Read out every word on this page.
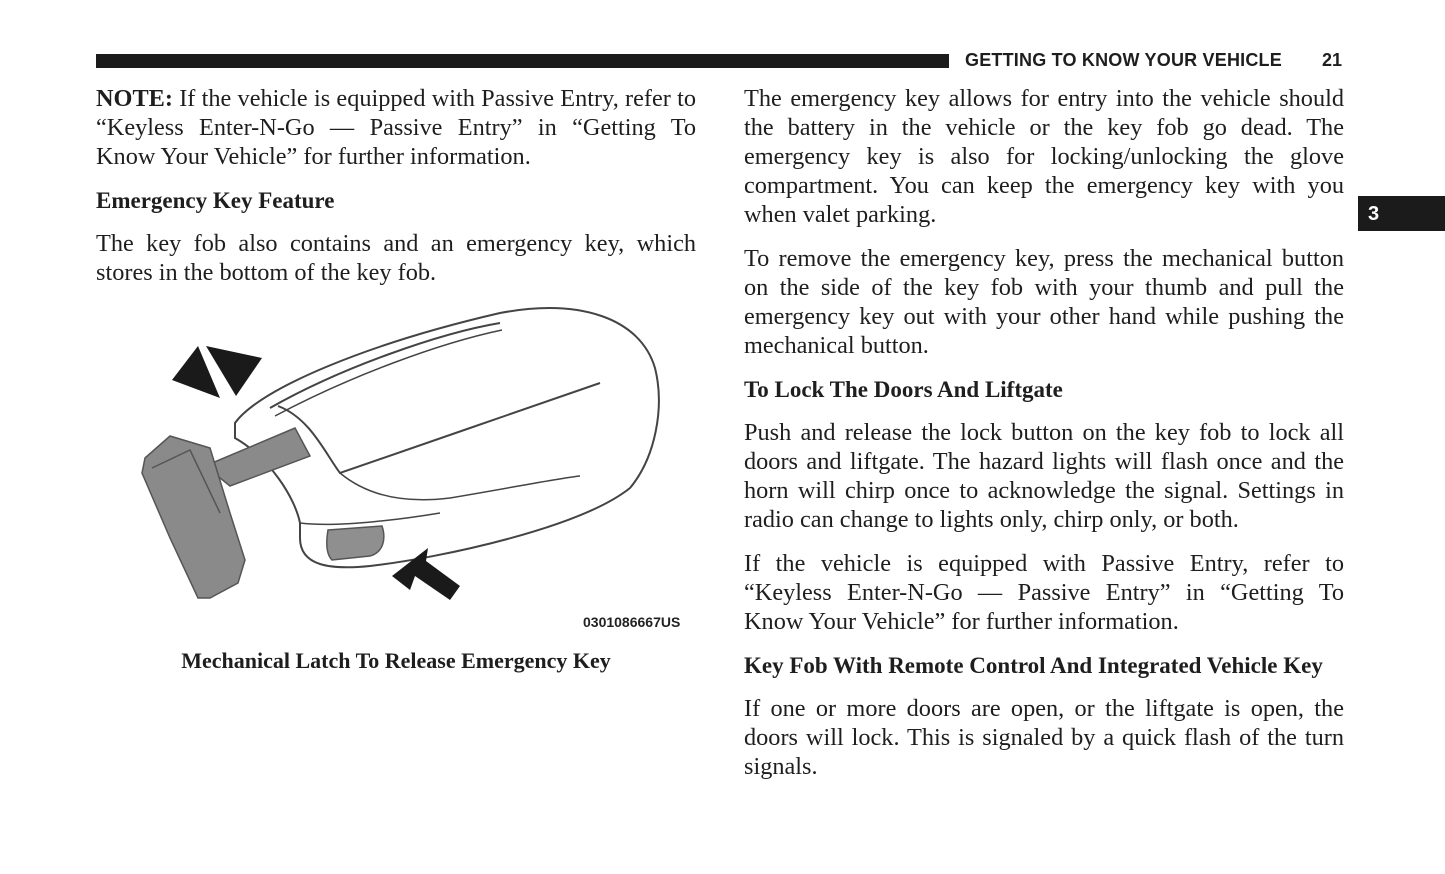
GETTING TO KNOW YOUR VEHICLE 21
3

NOTE: If the vehicle is equipped with Passive Entry, refer to “Keyless Enter-N-Go — Passive Entry” in “Getting To Know Your Vehicle” for further information.

Emergency Key Feature

The key fob also contains and an emergency key, which stores in the bottom of the key fob.

0301086667US
Mechanical Latch To Release Emergency Key

The emergency key allows for entry into the vehicle should the battery in the vehicle or the key fob go dead. The emergency key is also for locking/unlocking the glove compartment. You can keep the emergency key with you when valet parking.

To remove the emergency key, press the mechanical button on the side of the key fob with your thumb and pull the emergency key out with your other hand while pushing the mechanical button.

To Lock The Doors And Liftgate

Push and release the lock button on the key fob to lock all doors and liftgate. The hazard lights will flash once and the horn will chirp once to acknowledge the signal. Settings in radio can change to lights only, chirp only, or both.

If the vehicle is equipped with Passive Entry, refer to “Keyless Enter-N-Go — Passive Entry” in “Getting To Know Your Vehicle” for further information.

Key Fob With Remote Control And Integrated Vehicle Key

If one or more doors are open, or the liftgate is open, the doors will lock. This is signaled by a quick flash of the turn signals.
